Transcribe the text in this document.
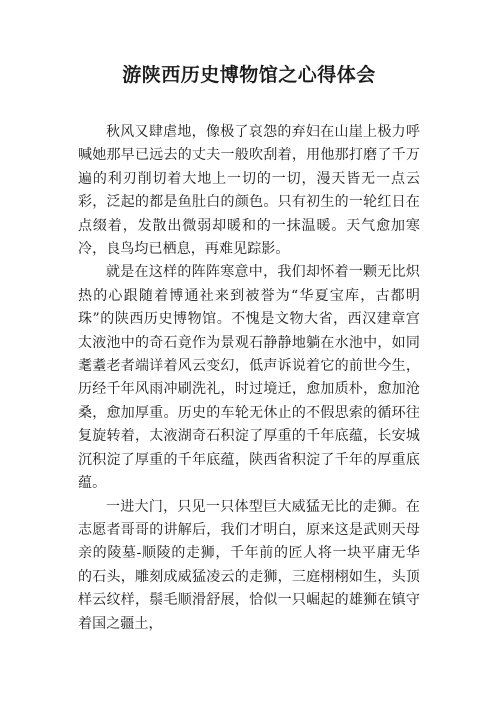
游陕西历史博物馆之心得体会

秋风又肆虐地，像极了哀怨的弃妇在山崖上极力呼喊她那早已远去的丈夫一般吹刮着，用他那打磨了千万遍的利刃削切着大地上一切的一切，漫天皆无一点云彩，泛起的都是鱼肚白的颜色。只有初生的一轮红日在点缀着，发散出微弱却暖和的一抹温暖。天气愈加寒冷，良鸟均已栖息，再难见踪影。

就是在这样的阵阵寒意中，我们却怀着一颗无比炽热的心跟随着博通社来到被誉为“华夏宝库，古都明珠”的陕西历史博物馆。不愧是文物大省，西汉建章宫太液池中的奇石竟作为景观石静静地躺在水池中，如同耄耋老者端详着风云变幻，低声诉说着它的前世今生，历经千年风雨冲刷洗礼，时过境迁，愈加质朴，愈加沧桑，愈加厚重。历史的车轮无休止的不假思索的循环往复旋转着，太液湖奇石积淀了厚重的千年底蕴，长安城沉积淀了厚重的千年底蕴，陕西省积淀了千年的厚重底蕴。

一进大门，只见一只体型巨大威猛无比的走狮。在志愿者哥哥的讲解后，我们才明白，原来这是武则天母亲的陵墓-顺陵的走狮，千年前的匠人将一块平庸无华的石头，雕刻成威猛凌云的走狮，三庭栩栩如生，头顶样云纹样，鬃毛顺滑舒展，恰似一只崛起的雄狮在镇守着国之疆土，
